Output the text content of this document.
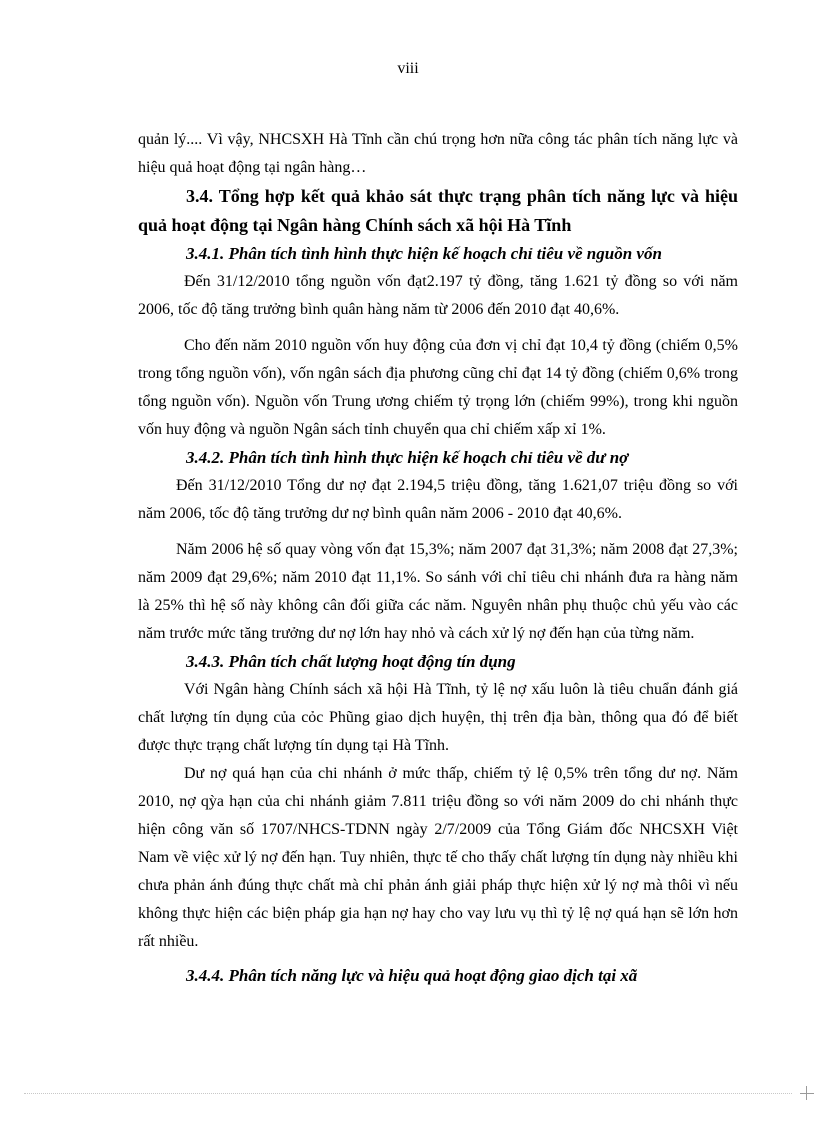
viii

quản lý.... Vì vậy, NHCSXH Hà Tĩnh cần chú trọng hơn nữa công tác phân tích năng lực và hiệu quả hoạt động tại ngân hàng…

3.4. Tổng hợp kết quả khảo sát thực trạng phân tích năng lực và hiệu quả hoạt động tại Ngân hàng Chính sách xã hội Hà Tĩnh
3.4.1. Phân tích tình hình thực hiện kế hoạch chỉ tiêu về nguồn vốn

Đến 31/12/2010 tổng nguồn vốn đạt2.197 tỷ đồng, tăng 1.621 tỷ đồng so với năm 2006, tốc độ tăng trưởng bình quân hàng năm từ 2006 đến 2010 đạt 40,6%.

Cho đến năm 2010 nguồn vốn huy động của đơn vị chỉ đạt 10,4 tỷ đồng (chiếm 0,5% trong tổng nguồn vốn), vốn ngân sách địa phương cũng chỉ đạt 14 tỷ đồng (chiếm 0,6% trong tổng nguồn vốn). Nguồn vốn Trung ương chiếm tỷ trọng lớn (chiếm 99%), trong khi nguồn vốn huy động và nguồn Ngân sách tỉnh chuyển qua chỉ chiếm xấp xỉ 1%.

3.4.2. Phân tích tình hình thực hiện kế hoạch chỉ tiêu về dư nợ

Đến 31/12/2010 Tổng dư nợ đạt 2.194,5 triệu đồng, tăng 1.621,07 triệu đồng so với năm 2006, tốc độ tăng trưởng dư nợ bình quân năm 2006 - 2010 đạt 40,6%.

Năm 2006 hệ số quay vòng vốn đạt 15,3%; năm 2007 đạt 31,3%; năm 2008 đạt 27,3%; năm 2009 đạt 29,6%; năm 2010 đạt 11,1%. So sánh với chỉ tiêu chi nhánh đưa ra hàng năm là 25% thì hệ số này không cân đối giữa các năm. Nguyên nhân phụ thuộc chủ yếu vào các năm trước mức tăng trưởng dư nợ lớn hay nhỏ và cách xử lý nợ đến hạn của từng năm.

3.4.3. Phân tích chất lượng hoạt động tín dụng

Với Ngân hàng Chính sách xã hội Hà Tĩnh, tỷ lệ nợ xấu luôn là tiêu chuẩn đánh giá chất lượng tín dụng của cỏc Phũng giao dịch huyện, thị trên địa bàn, thông qua đó để biết được thực trạng chất lượng tín dụng tại Hà Tĩnh.

Dư nợ quá hạn của chi nhánh ở mức thấp, chiếm tỷ lệ 0,5% trên tổng dư nợ. Năm 2010, nợ qỳa hạn của chi nhánh giảm 7.811 triệu đồng so với năm 2009 do chi nhánh thực hiện công văn số 1707/NHCS-TDNN ngày 2/7/2009 của Tổng Giám đốc NHCSXH Việt Nam về việc xử lý nợ đến hạn. Tuy nhiên, thực tế cho thấy chất lượng tín dụng này nhiều khi chưa phản ánh đúng thực chất mà chỉ phản ánh giải pháp thực hiện xử lý nợ mà thôi vì nếu không thực hiện các biện pháp gia hạn nợ hay cho vay lưu vụ thì tỷ lệ nợ quá hạn sẽ lớn hơn rất nhiều.

3.4.4. Phân tích năng lực và hiệu quả hoạt động giao dịch tại xã
